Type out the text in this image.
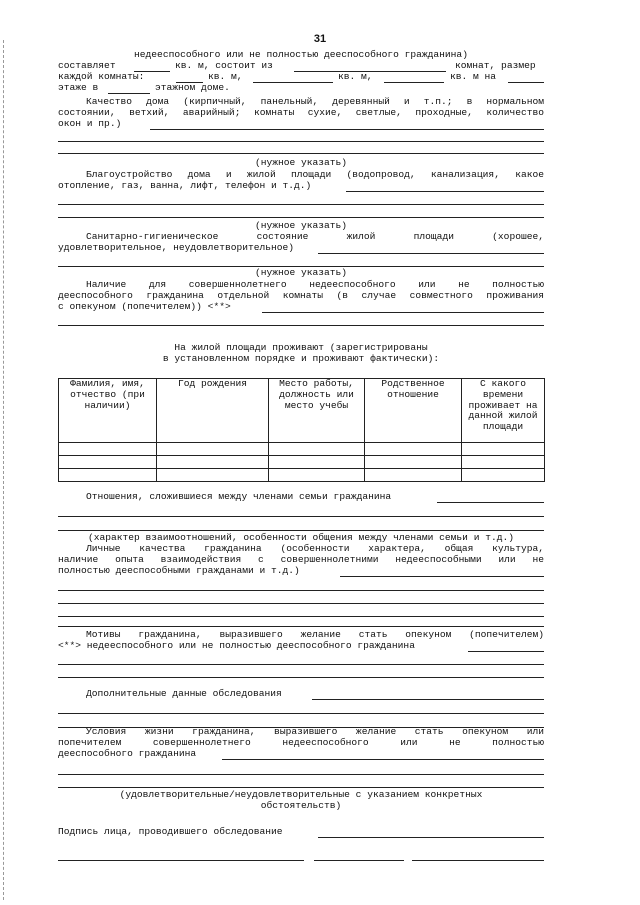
31
недееспособного или не полностью дееспособного гражданина)
составляет	кв. м, состоит из	комнат, размер
каждой комнаты:	кв. м,	кв. м,	кв. м на
этаже в	этажном доме.
Качество дома (кирпичный, панельный, деревянный и т.п.; в нормальном
состоянии, ветхий, аварийный; комнаты сухие, светлые, проходные, количество
окон и пр.)
(нужное указать)
Благоустройство дома и жилой площади (водопровод, канализация, какое
отопление, газ, ванна, лифт, телефон и т.д.)
(нужное указать)
Санитарно-гигиеническое состояние жилой площади (хорошее,
удовлетворительное, неудовлетворительное)
(нужное указать)
Наличие для совершеннолетнего недееспособного или не полностью
дееспособного гражданина отдельной комнаты (в случае совместного проживания
с опекуном (попечителем)) <**>
На жилой площади проживают (зарегистрированы
в установленном порядке и проживают фактически):
Фамилия, имя, отчество (при наличии)	Год рождения	Место работы, должность или место учебы	Родственное отношение	С какого времени проживает на данной жилой площади

Отношения, сложившиеся между членами семьи гражданина
(характер взаимоотношений, особенности общения между членами семьи и т.д.)
Личные качества гражданина (особенности характера, общая культура,
наличие опыта взаимодействия с совершеннолетними недееспособными или не
полностью дееспособными гражданами и т.д.)
Мотивы гражданина, выразившего желание стать опекуном (попечителем)
<**> недееспособного или не полностью дееспособного гражданина
Дополнительные данные обследования
Условия жизни гражданина, выразившего желание стать опекуном или
попечителем совершеннолетнего недееспособного или не полностью
дееспособного гражданина
(удовлетворительные/неудовлетворительные с указанием конкретных
обстоятельств)
Подпись лица, проводившего обследование
